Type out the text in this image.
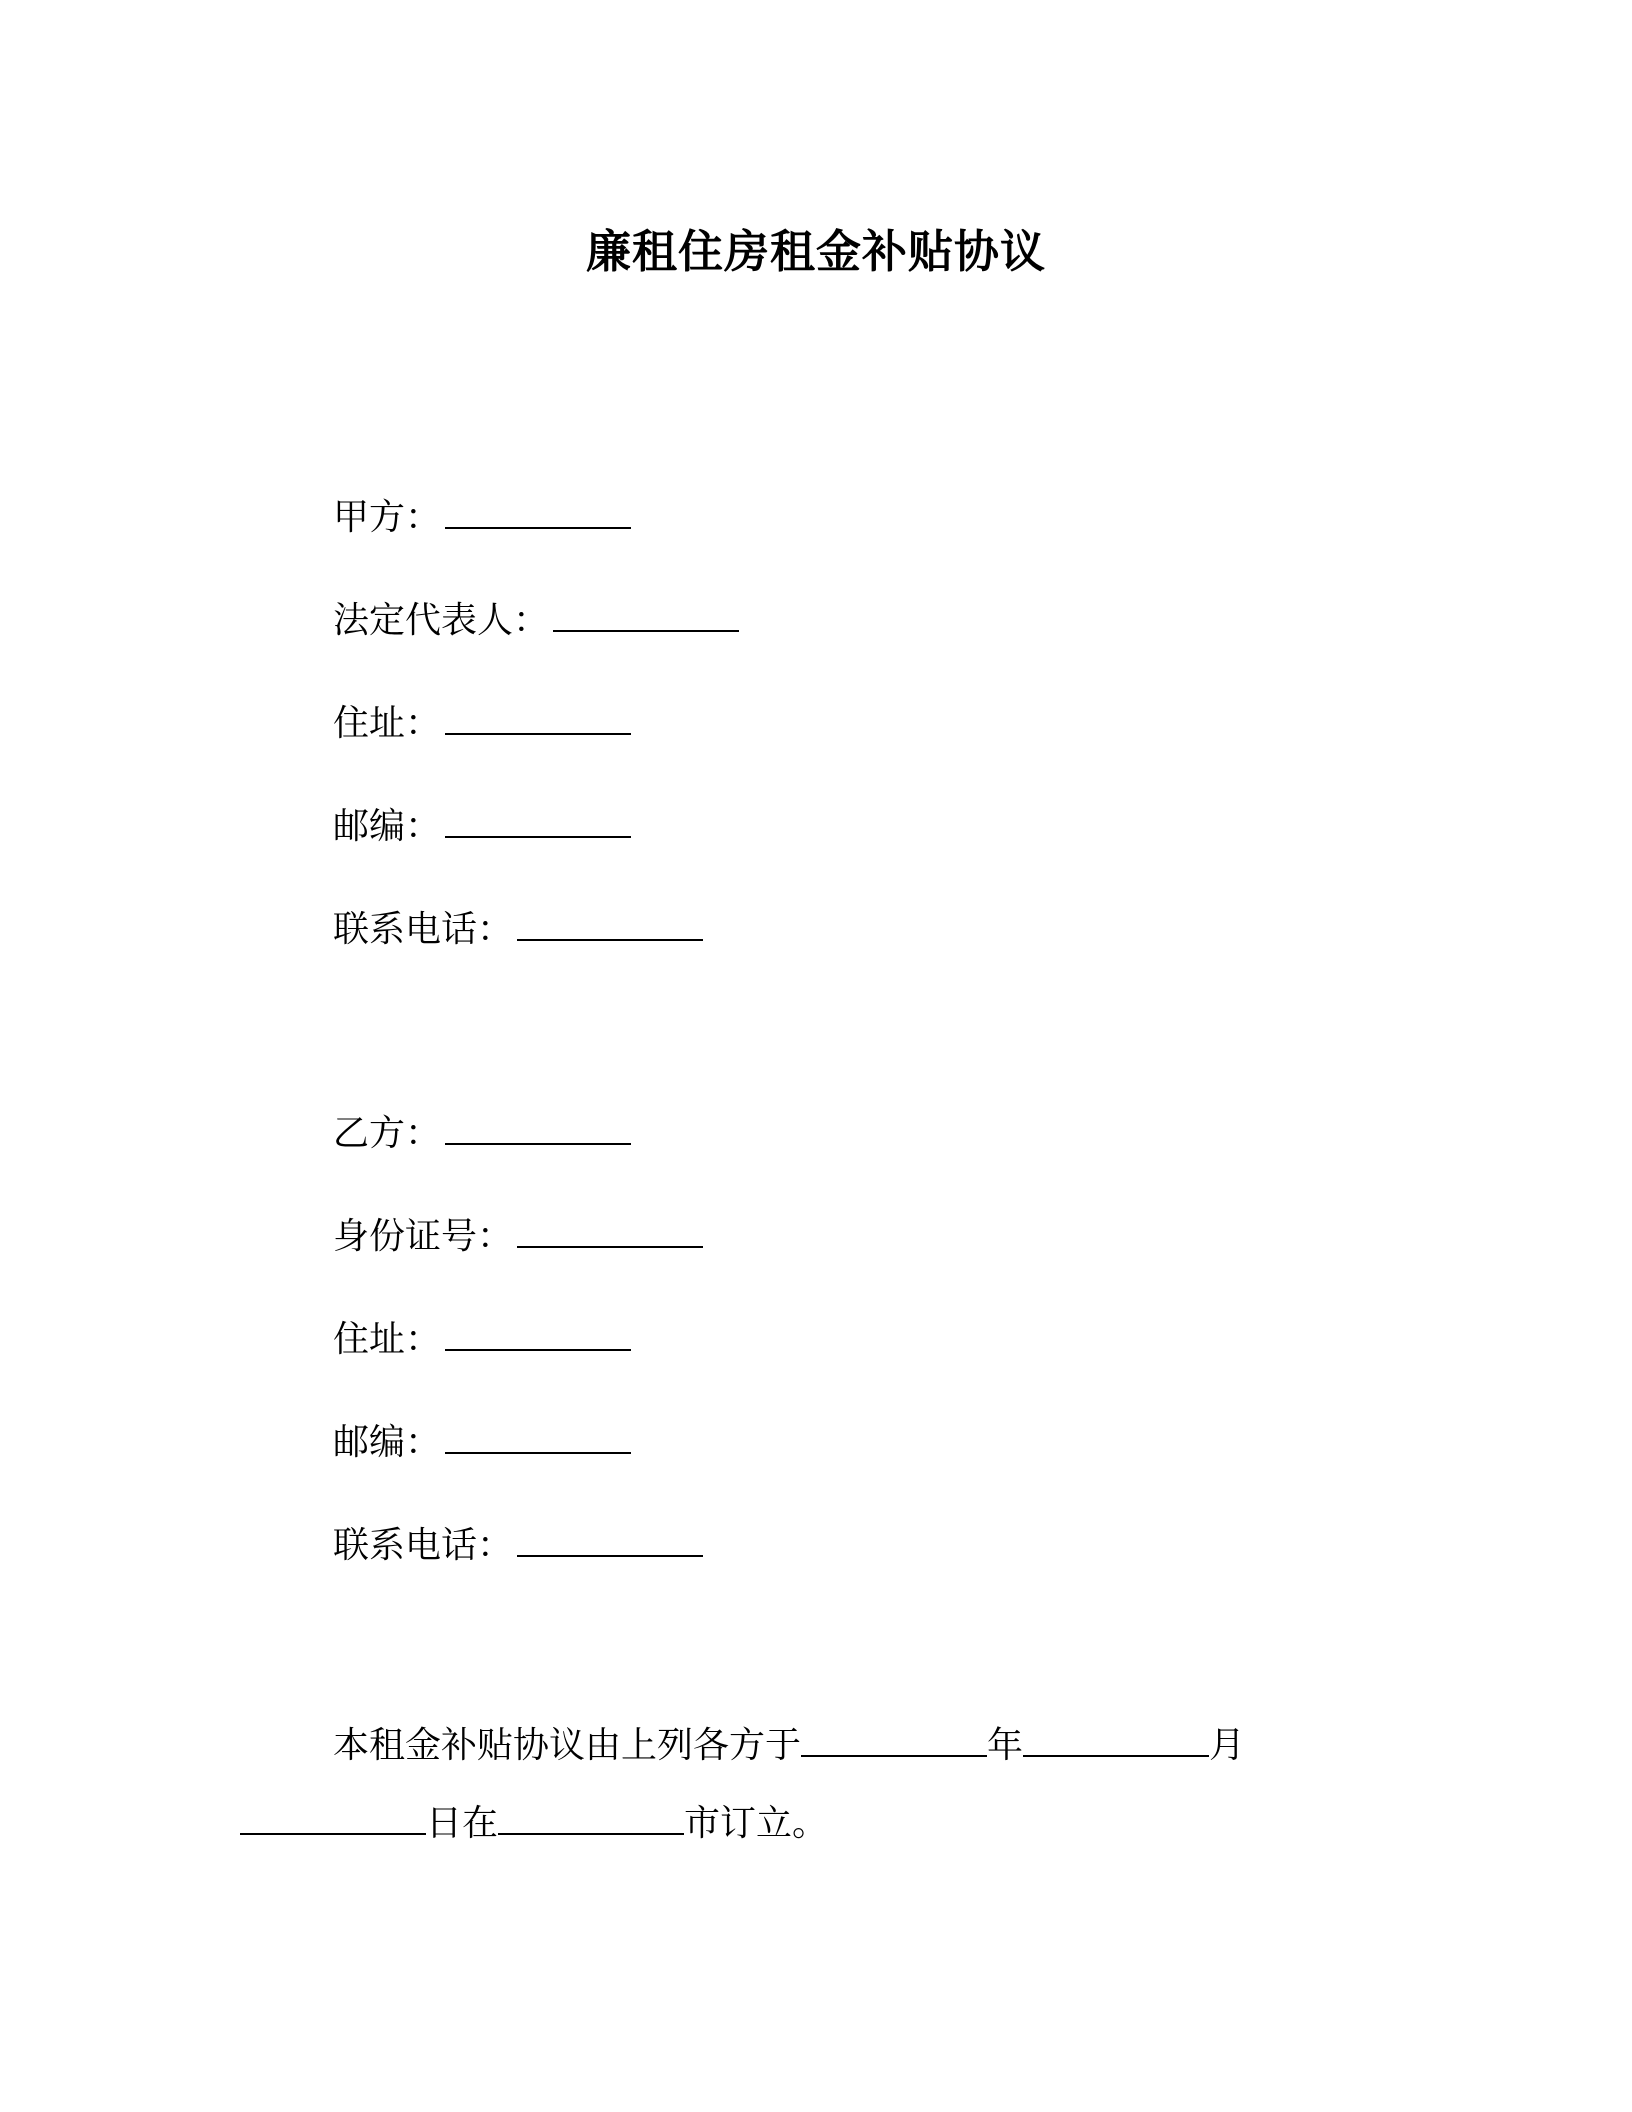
廉租住房租金补贴协议
甲方：
法定代表人：
住址：
邮编：
联系电话：
乙方：
身份证号：
住址：
邮编：
联系电话：
本租金补贴协议由上列各方于	年	月
日在	市订立。
